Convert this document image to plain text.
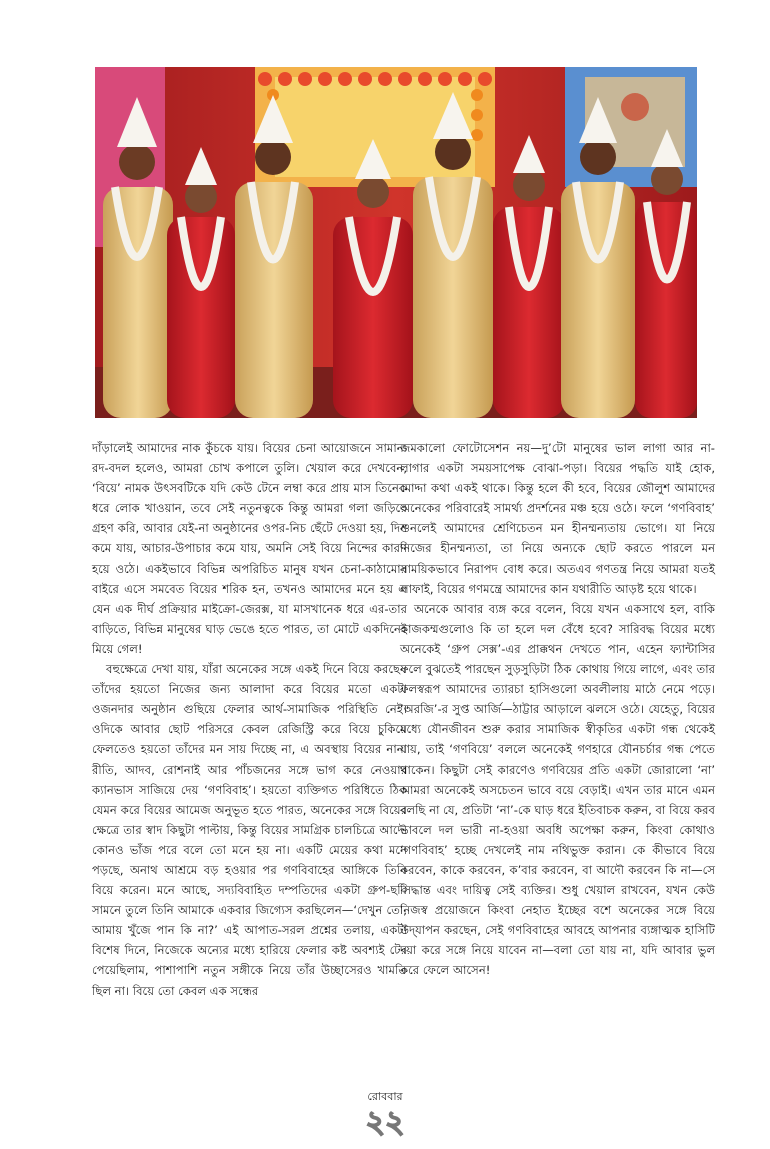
দাঁড়ালেই আমাদের নাক কুঁচকে যায়। বিয়ের চেনা আয়োজনে সামান্য রদ-বদল হলেও, আমরা চোখ কপালে তুলি। খেয়াল করে দেখবেন, ‘বিয়ে’ নামক উৎসবটিকে যদি কেউ টেনে লম্বা করে প্রায় মাস তিনেক ধরে লোক খাওয়ান, তবে সেই নতুনত্বকে কিন্তু আমরা গলা জড়িয়ে গ্রহণ করি, আবার যেই-না অনুষ্ঠানের ওপর-নিচ ছেঁটে দেওয়া হয়, দিন কমে যায়, আচার-উপাচার কমে যায়, অমনি সেই বিয়ে নিন্দের কারণ হয়ে ওঠে। একইভাবে বিভিন্ন অপরিচিত মানুষ যখন চেনা-কাঠামোর বাইরে এসে সমবেত বিয়ের শরিক হন, তখনও আমাদের মনে হয় এ যেন এক দীর্ঘ প্রক্রিয়ার মাইক্রো-জেরক্স, যা মাসখানেক ধরে এর-তার বাড়িতে, বিভিন্ন মানুষের ঘাড় ভেঙে হতে পারত, তা মোটে একদিনেই মিয়ে গেল!

বহুক্ষেত্রে দেখা যায়, যাঁরা অনেকের সঙ্গে একই দিনে বিয়ে করছেন তাঁদের হয়তো নিজের জন্য আলাদা করে বিয়ের মতো একটা ওজনদার অনুষ্ঠান গুছিয়ে ফেলার আর্থ-সামাজিক পরিস্থিতি নেই। ওদিকে আবার ছোট পরিসরে কেবল রেজিস্ট্রি করে বিয়ে চুকিয়ে ফেলতেও হয়তো তাঁদের মন সায় দিচ্ছে না, এ অবস্থায় বিয়ের নানা রীতি, আদব, রোশনাই আর পাঁচজনের সঙ্গে ভাগ করে নেওয়ার ক্যানভাস সাজিয়ে দেয় ‘গণবিবাহ’। হয়তো ব্যক্তিগত পরিধিতে ঠিক যেমন করে বিয়ের আমেজ অনুভূত হতে পারত, অনেকের সঙ্গে বিয়ের ক্ষেত্রে তার স্বাদ কিছুটা পাল্টায়, কিন্তু বিয়ের সামগ্রিক চালচিত্রে আদৌ কোনও ভাঁজ পরে বলে তো মনে হয় না। একটি মেয়ের কথা মনে পড়ছে, অনাথ আশ্রমে বড় হওয়ার পর গণবিবাহের আঙ্গিকে তিনি বিয়ে করেন। মনে আছে, সদ্যবিবাহিত দম্পতিদের একটা গ্রুপ-ছবি সামনে তুলে তিনি আমাকে একবার জিগ্যেস করছিলেন—‘দেখুন তো, আমায় খুঁজে পান কি না?’ এই আপাত-সরল প্রশ্নের তলায়, একটা বিশেষ দিনে, নিজেকে অন্যের মধ্যে হারিয়ে ফেলার কষ্ট অবশ্যই টের পেয়েছিলাম, পাশাপাশি নতুন সঙ্গীকে নিয়ে তাঁর উচ্ছাসেরও খামতি ছিল না। বিয়ে তো কেবল এক সন্ধের

জমকালো ফোটোসেশন নয়—দু’টো মানুষের ভাল লাগা আর না-লাগার একটা সময়সাপেক্ষ বোঝা-পড়া। বিয়ের পদ্ধতি যাই হোক, মোদ্দা কথা একই থাকে। কিন্তু হলে কী হবে, বিয়ের জৌলুশ আমাদের অনেকের পরিবারেই সামর্থ্য প্রদর্শনের মঞ্চ হয়ে ওঠে। ফলে ‘গণবিবাহ’ শুনলেই আমাদের শ্রেণিচেতন মন হীনম্মন্যতায় ভোগে। যা নিয়ে নিজের হীনম্মন্যতা, তা নিয়ে অন্যকে ছোট করতে পারলে মন সাময়িকভাবে নিরাপদ বোধ করে। অতএব গণতন্ত্র নিয়ে আমরা যতই লাফাই, বিয়ের গণমন্ত্রে আমাদের কান যথারীতি আড়ষ্ট হয়ে থাকে।

অনেকে আবার ব্যঙ্গ করে বলেন, বিয়ে যখন একসাথে হল, বাকি কাজকম্মগুলোও কি তা হলে দল বেঁধে হবে? সারিবদ্ধ বিয়ের মধ্যে অনেকেই ‘গ্রুপ সেক্স’-এর প্রাক্কথন দেখতে পান, এহেন ফ্যান্টাসির ফলে বুঝতেই পারছেন সুড়সুড়িটা ঠিক কোথায় গিয়ে লাগে, এবং তার ফলস্বরূপ আমাদের ত্যারচা হাসিগুলো অবলীলায় মাঠে নেমে পড়ে। ‘অরজি’-র সুপ্ত আর্জি—ঠাট্টার আড়ালে ঝলসে ওঠে। যেহেতু, বিয়ের মধ্যে যৌনজীবন শুরু করার সামাজিক স্বীকৃতির একটা গন্ধ থেকেই যায়, তাই ‘গণবিয়ে’ বললে অনেকেই গণহারে যৌনচর্চার গন্ধ পেতে থাকেন। কিছুটা সেই কারণেও গণবিয়ের প্রতি একটা জোরালো ‘না’ আমরা অনেকেই অসচেতন ভাবে বয়ে বেড়াই। এখন তার মানে এমন বলছি না যে, প্রতিটা ‘না’-কে ঘাড় ধরে ইতিবাচক করুন, বা বিয়ে করব ভাবলে দল ভারী না-হওয়া অবধি অপেক্ষা করুন, কিংবা কোথাও ‘গণবিবাহ’ হচ্ছে দেখলেই নাম নথিভুক্ত করান। কে কীভাবে বিয়ে করবেন, কাকে করবেন, ক’বার করবেন, বা আদৌ করবেন কি না—সে সিদ্ধান্ত এবং দায়িত্ব সেই ব্যক্তির। শুধু খেয়াল রাখবেন, যখন কেউ নিজস্ব প্রয়োজনে কিংবা নেহাত ইচ্ছের বশে অনেকের সঙ্গে বিয়ে উদ্‌যাপন করছেন, সেই গণবিবাহের আবহে আপনার ব্যঙ্গাত্মক হাসিটি দয়া করে সঙ্গে নিয়ে যাবেন না—বলা তো যায় না, যদি আবার ভুল করে ফেলে আসেন!

রোববার
২২
